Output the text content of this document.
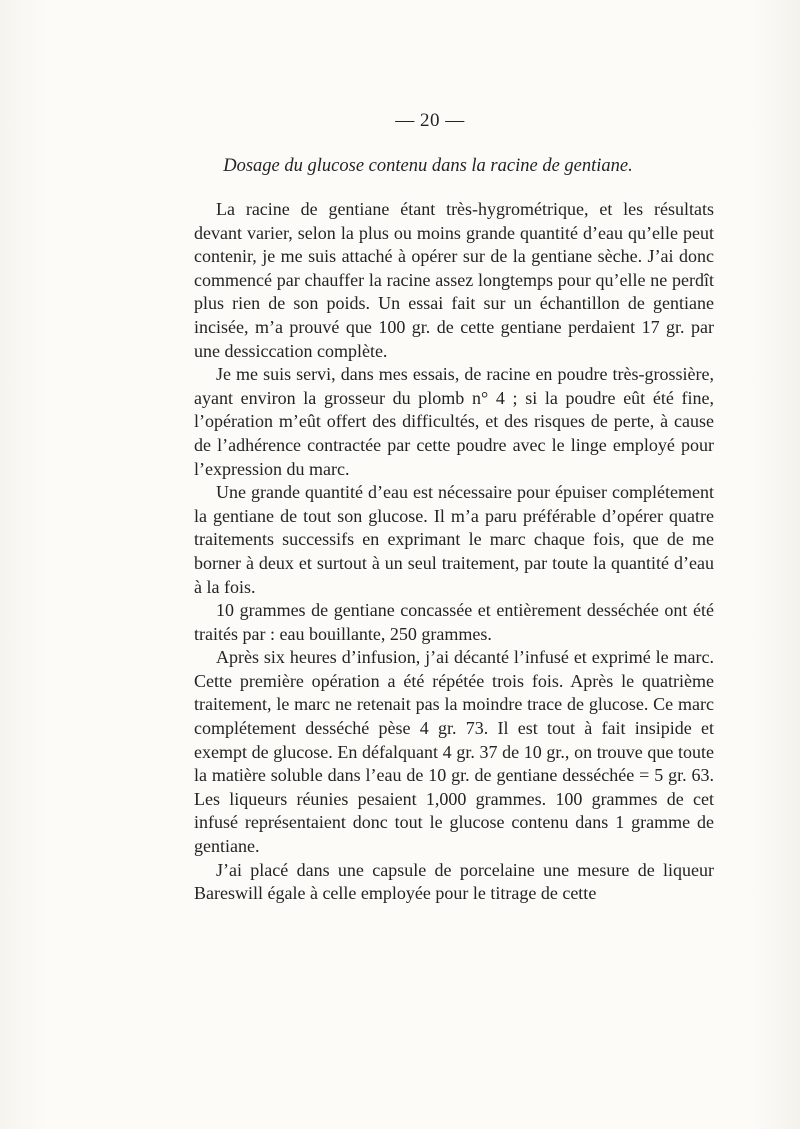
— 20 —
Dosage du glucose contenu dans la racine de gentiane.

La racine de gentiane étant très-hygrométrique, et les résultats devant varier, selon la plus ou moins grande quantité d’eau qu’elle peut contenir, je me suis attaché à opérer sur de la gentiane sèche. J’ai donc commencé par chauffer la racine assez longtemps pour qu’elle ne perdît plus rien de son poids. Un essai fait sur un échantillon de gentiane incisée, m’a prouvé que 100 gr. de cette gentiane perdaient 17 gr. par une dessiccation complète.

Je me suis servi, dans mes essais, de racine en poudre très-grossière, ayant environ la grosseur du plomb n° 4 ; si la poudre eût été fine, l’opération m’eût offert des difficultés, et des risques de perte, à cause de l’adhérence contractée par cette poudre avec le linge employé pour l’expression du marc.

Une grande quantité d’eau est nécessaire pour épuiser complétement la gentiane de tout son glucose. Il m’a paru préférable d’opérer quatre traitements successifs en exprimant le marc chaque fois, que de me borner à deux et surtout à un seul traitement, par toute la quantité d’eau à la fois.

10 grammes de gentiane concassée et entièrement desséchée ont été traités par : eau bouillante, 250 grammes.

Après six heures d’infusion, j’ai décanté l’infusé et exprimé le marc. Cette première opération a été répétée trois fois. Après le quatrième traitement, le marc ne retenait pas la moindre trace de glucose. Ce marc complétement desséché pèse 4 gr. 73. Il est tout à fait insipide et exempt de glucose. En défalquant 4 gr. 37 de 10 gr., on trouve que toute la matière soluble dans l’eau de 10 gr. de gentiane desséchée = 5 gr. 63. Les liqueurs réunies pesaient 1,000 grammes. 100 grammes de cet infusé représentaient donc tout le glucose contenu dans 1 gramme de gentiane.

J’ai placé dans une capsule de porcelaine une mesure de liqueur Bareswill égale à celle employée pour le titrage de cette
